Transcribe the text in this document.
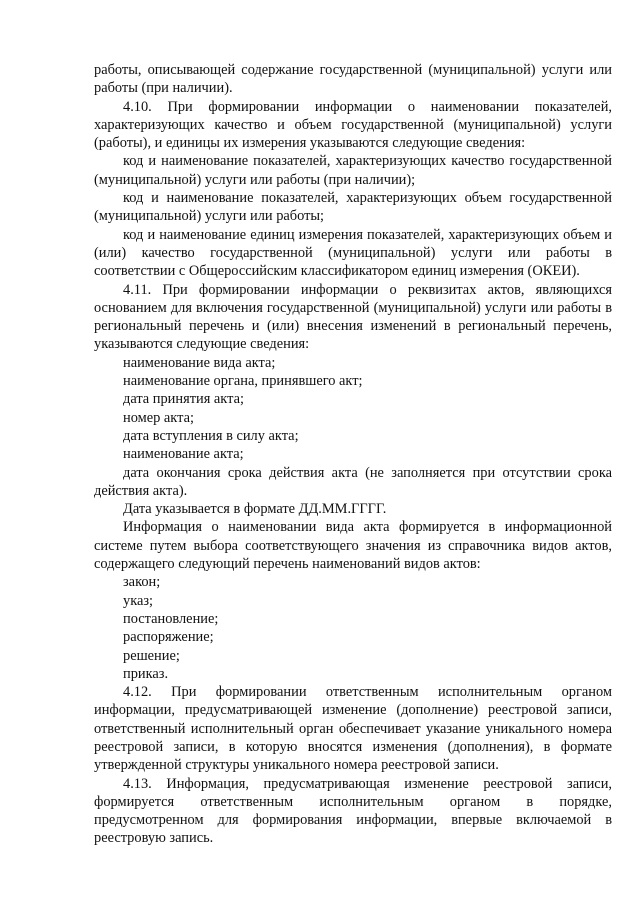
работы, описывающей содержание государственной (муниципальной) услуги или работы (при наличии).

4.10. При формировании информации о наименовании показателей, характеризующих качество и объем государственной (муниципальной) услуги (работы), и единицы их измерения указываются следующие сведения:

код и наименование показателей, характеризующих качество государственной (муниципальной) услуги или работы (при наличии);

код и наименование показателей, характеризующих объем государственной (муниципальной) услуги или работы;

код и наименование единиц измерения показателей, характеризующих объем и (или) качество государственной (муниципальной) услуги или работы в соответствии с Общероссийским классификатором единиц измерения (ОКЕИ).

4.11. При формировании информации о реквизитах актов, являющихся основанием для включения государственной (муниципальной) услуги или работы в региональный перечень и (или) внесения изменений в региональный перечень, указываются следующие сведения:

наименование вида акта;

наименование органа, принявшего акт;

дата принятия акта;

номер акта;

дата вступления в силу акта;

наименование акта;

дата окончания срока действия акта (не заполняется при отсутствии срока действия акта).

Дата указывается в формате ДД.ММ.ГГГГ.

Информация о наименовании вида акта формируется в информационной системе путем выбора соответствующего значения из справочника видов актов, содержащего следующий перечень наименований видов актов:

закон;

указ;

постановление;

распоряжение;

решение;

приказ.

4.12. При формировании ответственным исполнительным органом информации, предусматривающей изменение (дополнение) реестровой записи, ответственный исполнительный орган обеспечивает указание уникального номера реестровой записи, в которую вносятся изменения (дополнения), в формате утвержденной структуры уникального номера реестровой записи.

4.13. Информация, предусматривающая изменение реестровой записи, формируется ответственным исполнительным органом в порядке, предусмотренном для формирования информации, впервые включаемой в реестровую запись.
